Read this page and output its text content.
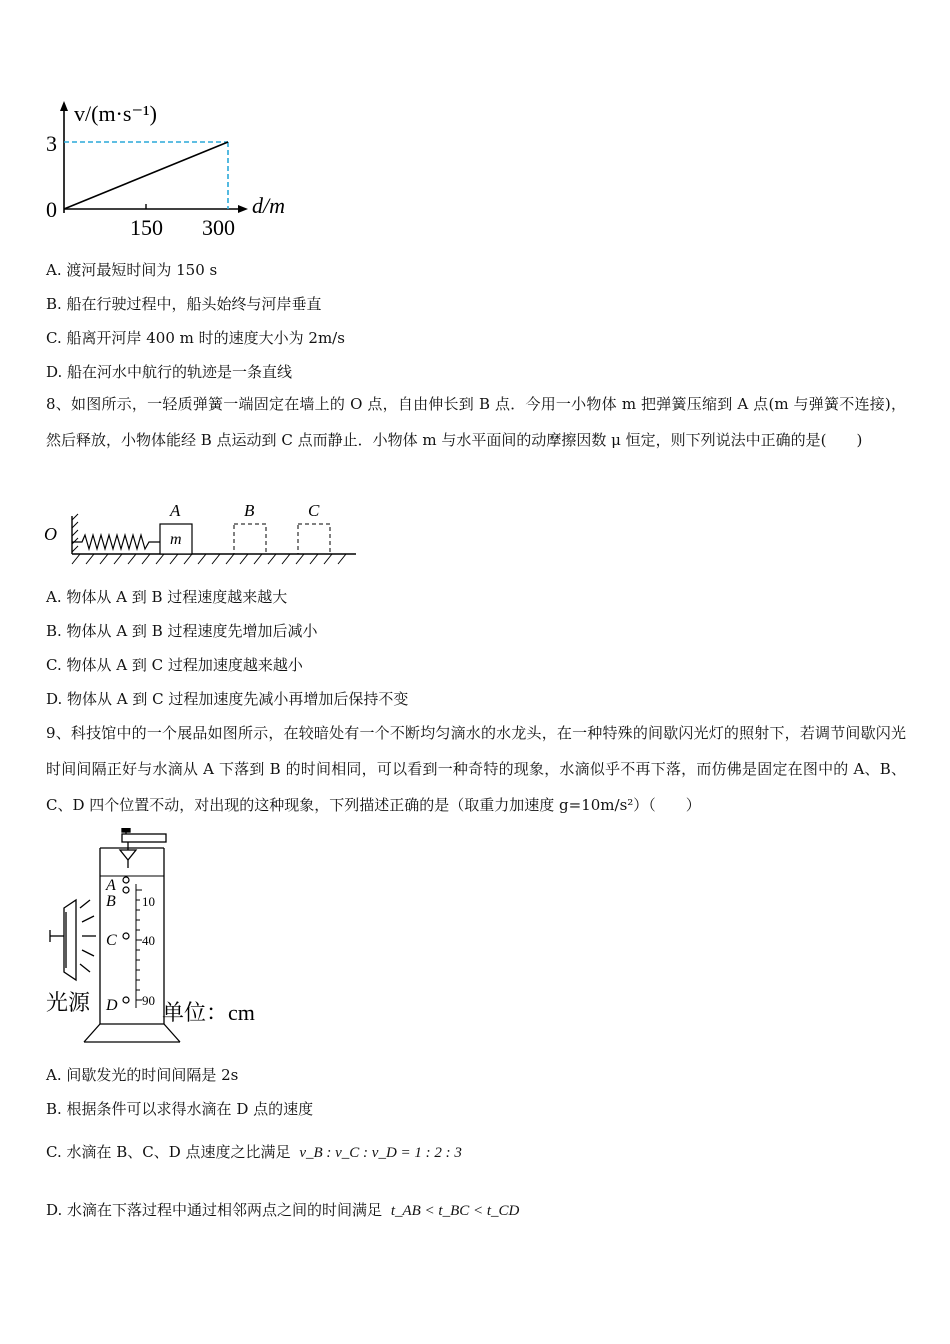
v/(m·s⁻¹)
3
0
150 300
d/m
A. 渡河最短时间为 150 s
B. 船在行驶过程中，船头始终与河岸垂直
C. 船离开河岸 400 m 时的速度大小为 2m/s
D. 船在河水中航行的轨迹是一条直线
8、如图所示，一轻质弹簧一端固定在墙上的 O 点，自由伸长到 B 点．今用一小物体 m 把弹簧压缩到 A 点(m 与弹簧不连接)，然后释放，小物体能经 B 点运动到 C 点而静止．小物体 m 与水平面间的动摩擦因数 μ 恒定，则下列说法中正确的是(　　)
O	m
A	B	C
A. 物体从 A 到 B 过程速度越来越大
B. 物体从 A 到 B 过程速度先增加后减小
C. 物体从 A 到 C 过程加速度越来越小
D. 物体从 A 到 C 过程加速度先减小再增加后保持不变
9、科技馆中的一个展品如图所示，在较暗处有一个不断均匀滴水的水龙头，在一种特殊的间歇闪光灯的照射下，若调节间歇闪光时间间隔正好与水滴从 A 下落到 B 的时间相同，可以看到一种奇特的现象，水滴似乎不再下落，而仿佛是固定在图中的 A、B、C、D 四个位置不动，对出现的这种现象，下列描述正确的是（取重力加速度 g=10m/s²）（　　）
10
40
90
A
B
C
D
光源	单位：cm
A. 间歇发光的时间间隔是 2s
B. 根据条件可以求得水滴在 D 点的速度
C. 水滴在 B、C、D 点速度之比满足 v_B : v_C : v_D = 1 : 2 : 3
D. 水滴在下落过程中通过相邻两点之间的时间满足 t_AB < t_BC < t_CD
